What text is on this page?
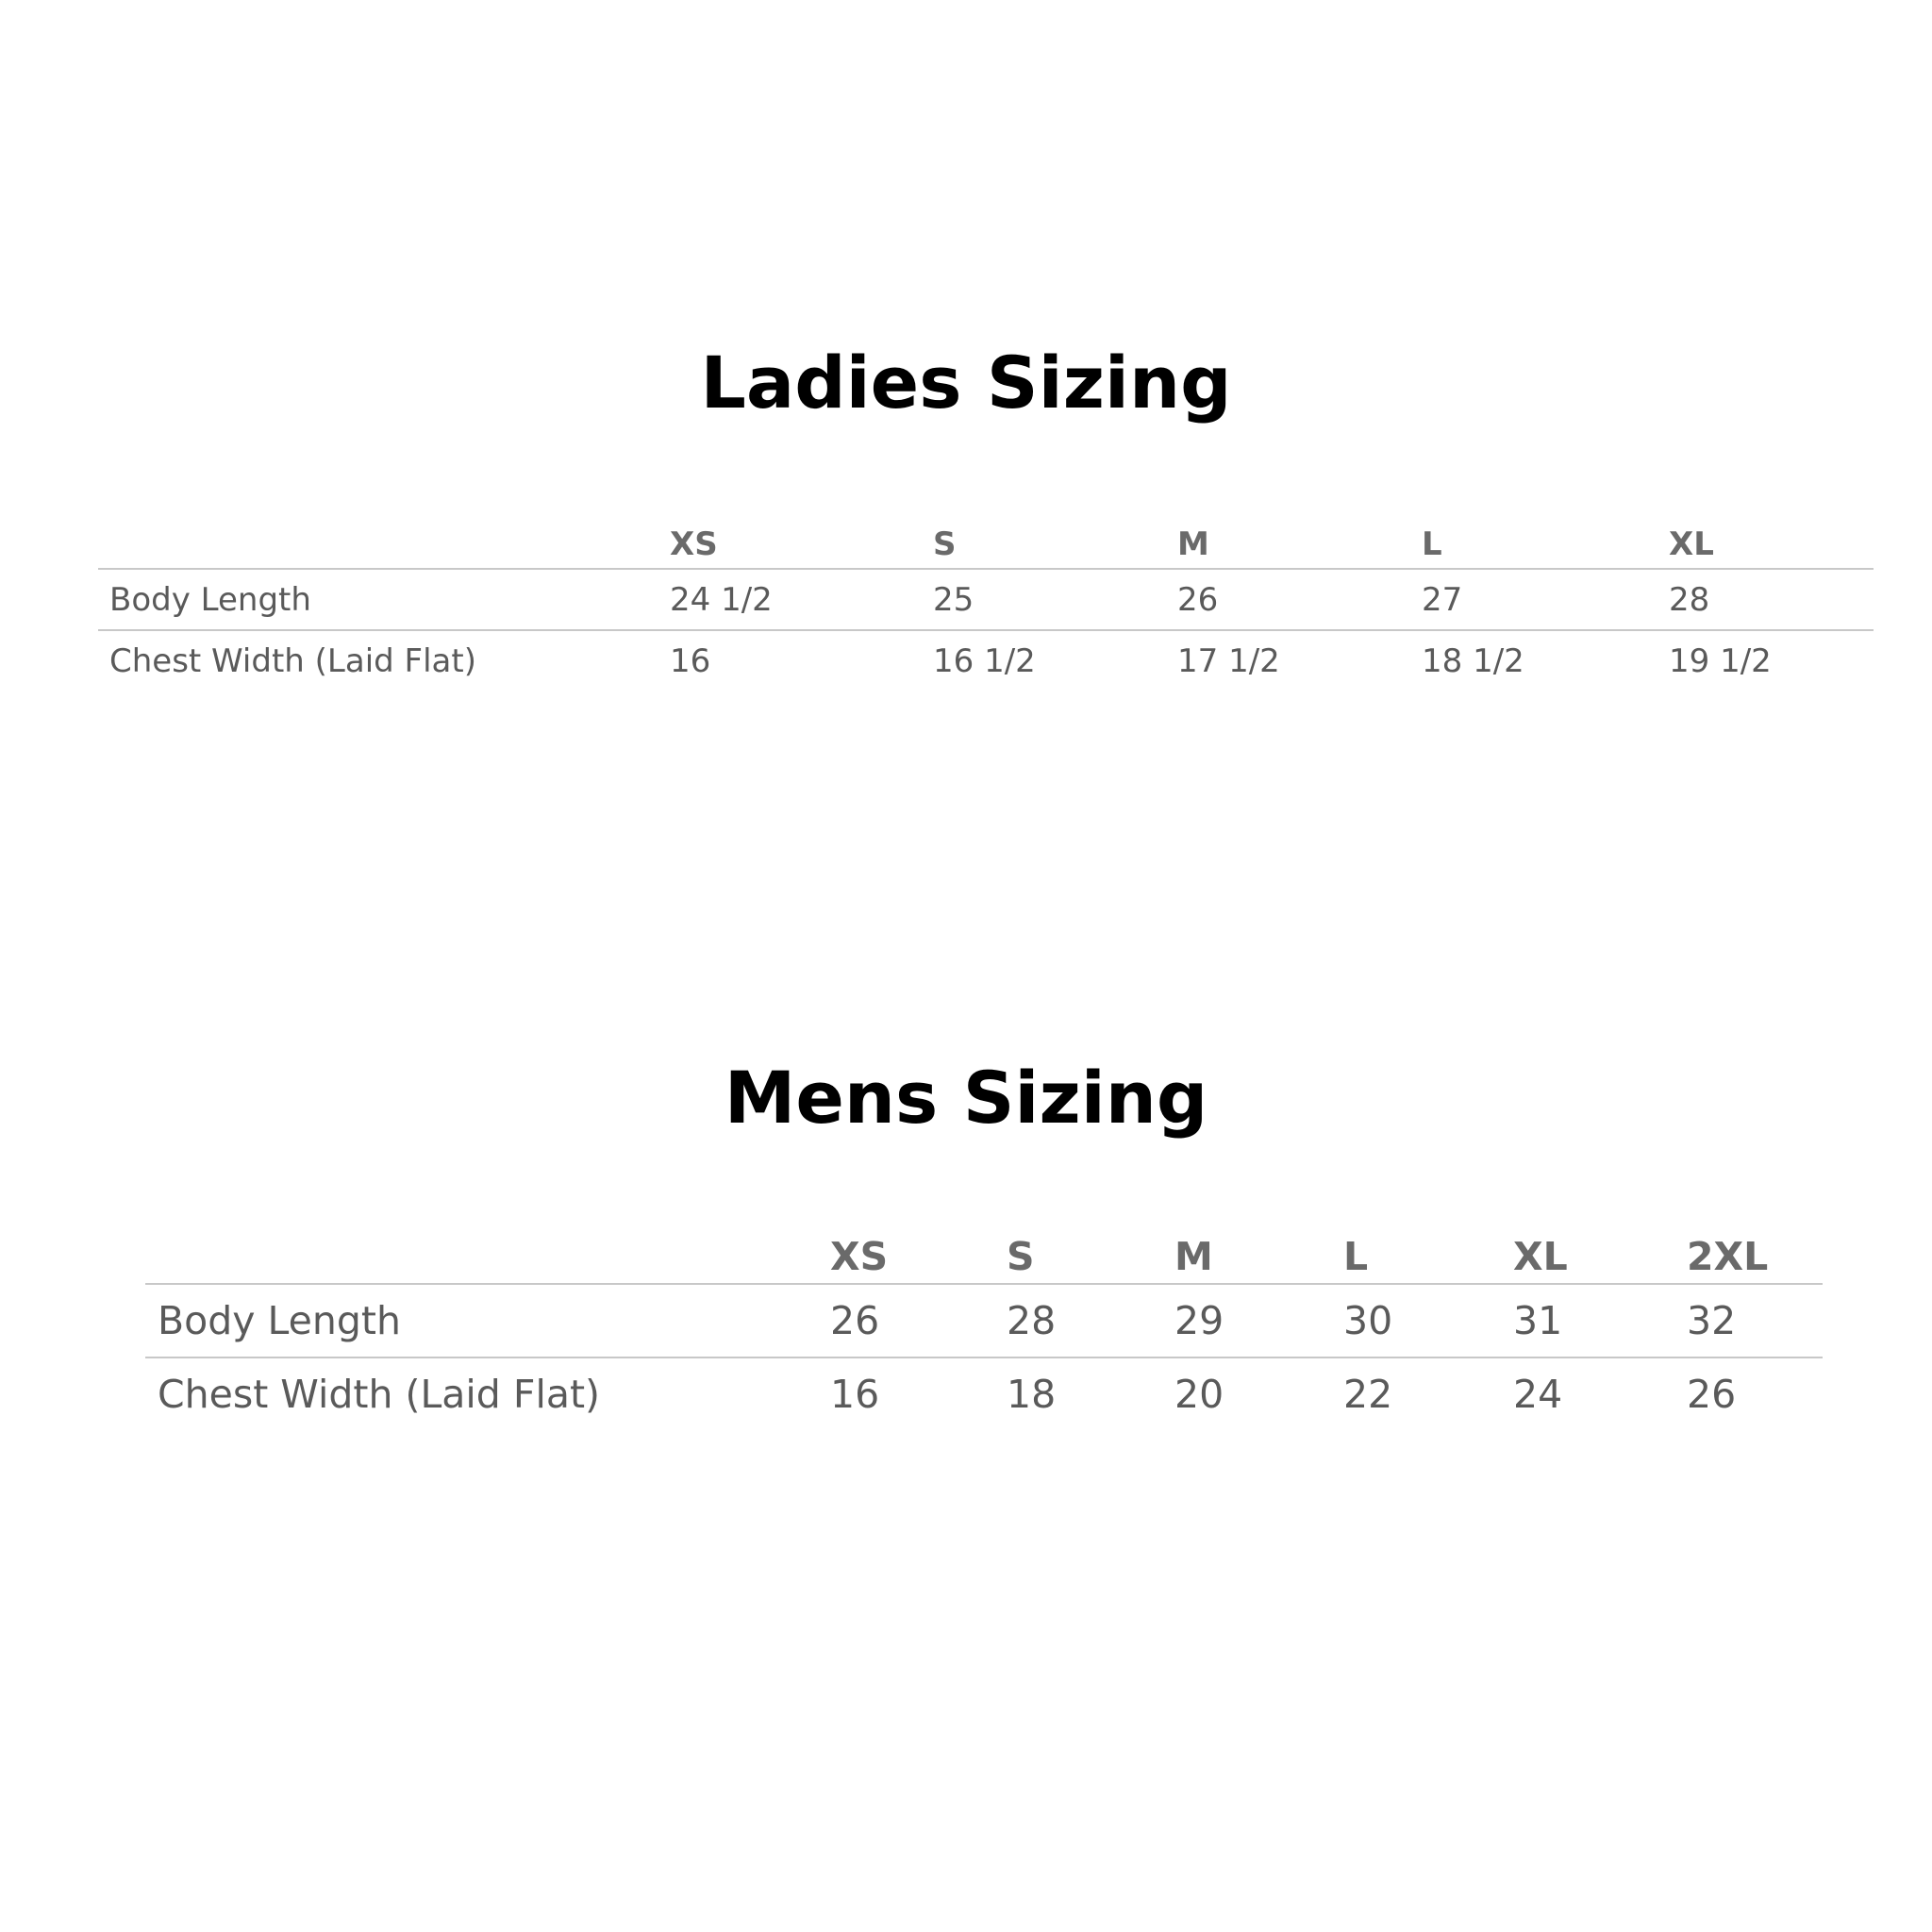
Ladies Sizing
	XS	S	M	L	XL
Body Length	24 1/2	25	26	27	28
Chest Width (Laid Flat)	16	16 1/2	17 1/2	18 1/2	19 1/2
Mens Sizing
	XS	S	M	L	XL	2XL
Body Length	26	28	29	30	31	32
Chest Width (Laid Flat)	16	18	20	22	24	26
